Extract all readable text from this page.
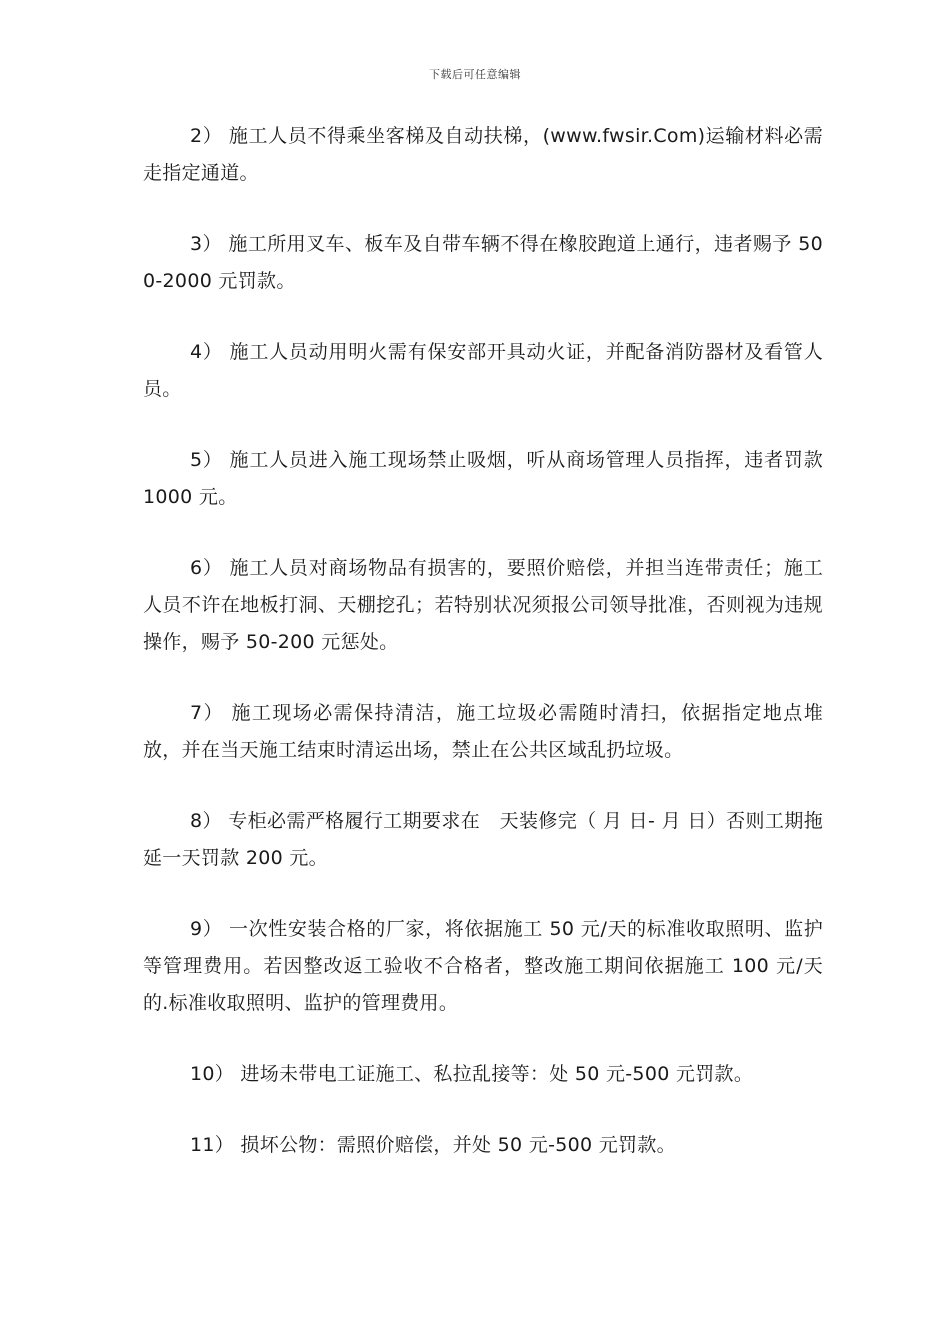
下载后可任意编辑

2） 施工人员不得乘坐客梯及自动扶梯，(www.fwsir.Com)运输材料必需走指定通道。

3） 施工所用叉车、板车及自带车辆不得在橡胶跑道上通行，违者赐予 500-2000 元罚款。

4） 施工人员动用明火需有保安部开具动火证，并配备消防器材及看管人员。

5） 施工人员进入施工现场禁止吸烟，听从商场管理人员指挥，违者罚款 1000 元。

6） 施工人员对商场物品有损害的，要照价赔偿，并担当连带责任；施工人员不许在地板打洞、天棚挖孔；若特别状况须报公司领导批准，否则视为违规操作，赐予 50-200 元惩处。

7） 施工现场必需保持清洁，施工垃圾必需随时清扫，依据指定地点堆放，并在当天施工结束时清运出场，禁止在公共区域乱扔垃圾。

8） 专柜必需严格履行工期要求在　天装修完（ 月 日- 月 日）否则工期拖延一天罚款 200 元。

9） 一次性安装合格的厂家，将依据施工 50 元/天的标准收取照明、监护等管理费用。若因整改返工验收不合格者，整改施工期间依据施工 100 元/天的.标准收取照明、监护的管理费用。

10） 进场未带电工证施工、私拉乱接等：处 50 元-500 元罚款。

11） 损坏公物：需照价赔偿，并处 50 元-500 元罚款。
